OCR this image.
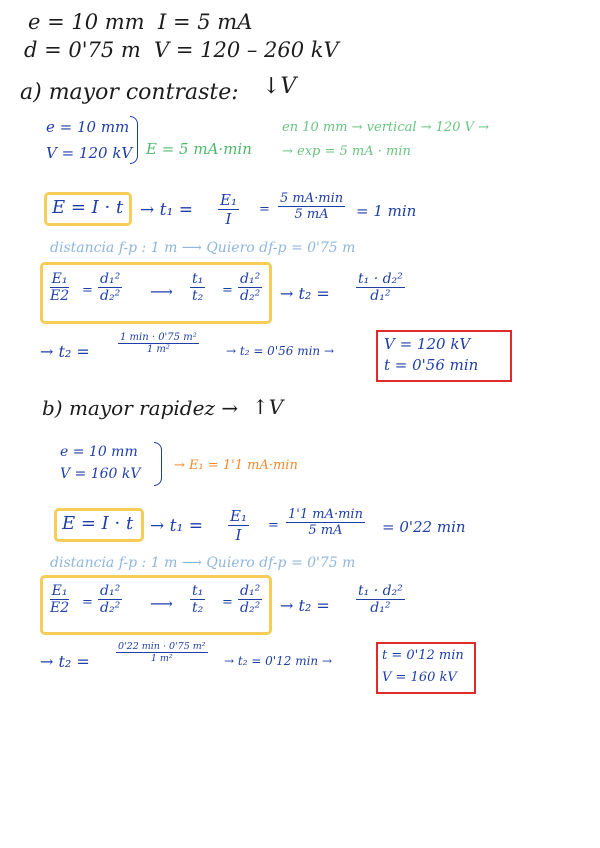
e = 10 mm
d = 0'75 m
I = 5 mA
V = 120 – 260 kV
a) mayor contraste: ↓V
e = 10 mm
V = 120 kV E = 5 mA·min
en 10 mm → vertical → 120 V →
→ exp = 5 mA · min
$E = I \cdot t \to t_1 = \frac{\text{E₁}}{I}$ =
5 mA·min
5 mA = 1 min
distancia f-p : 1 m ⟶ Quiero df-p = 0'75 m
$\frac{\text{E₁}}{E2} = \frac{\text{d₁²}}{\text{d₂²}}$ ⟶ $\frac{\text{t₁}}{\text{t₂}} = \frac{\text{d₁²}}{\text{d₂²}} \to t_2 = \frac{\text{t₁ · d₂²}}{\text{d₁²}}$
→ t₂ =
1 min · 0'75 m²
1 m²	→ t₂ = 0'56 min →	V = 120 kV
t = 0'56 min
b) mayor rapidez → ↑V
e = 10 mm
V = 160 kV
→ E₁ = 1'1 mA·min
$E = I \cdot t \to t_1 = \frac{\text{E₁}}{I}$ =
1'1 mA·min
5 mA	= 0'22 min
distancia f-p : 1 m ⟶ Quiero df-p = 0'75 m
$\frac{\text{E₁}}{E2} = \frac{\text{d₁²}}{\text{d₂²}}$ ⟶ $\frac{\text{t₁}}{\text{t₂}} = \frac{\text{d₁²}}{\text{d₂²}} \to t_2 = \frac{\text{t₁ · d₂²}}{\text{d₁²}}$
→ t₂ =
0'22 min · 0'75 m²
1 m²	→ t₂ = 0'12 min →	t = 0'12 min
V = 160 kV
